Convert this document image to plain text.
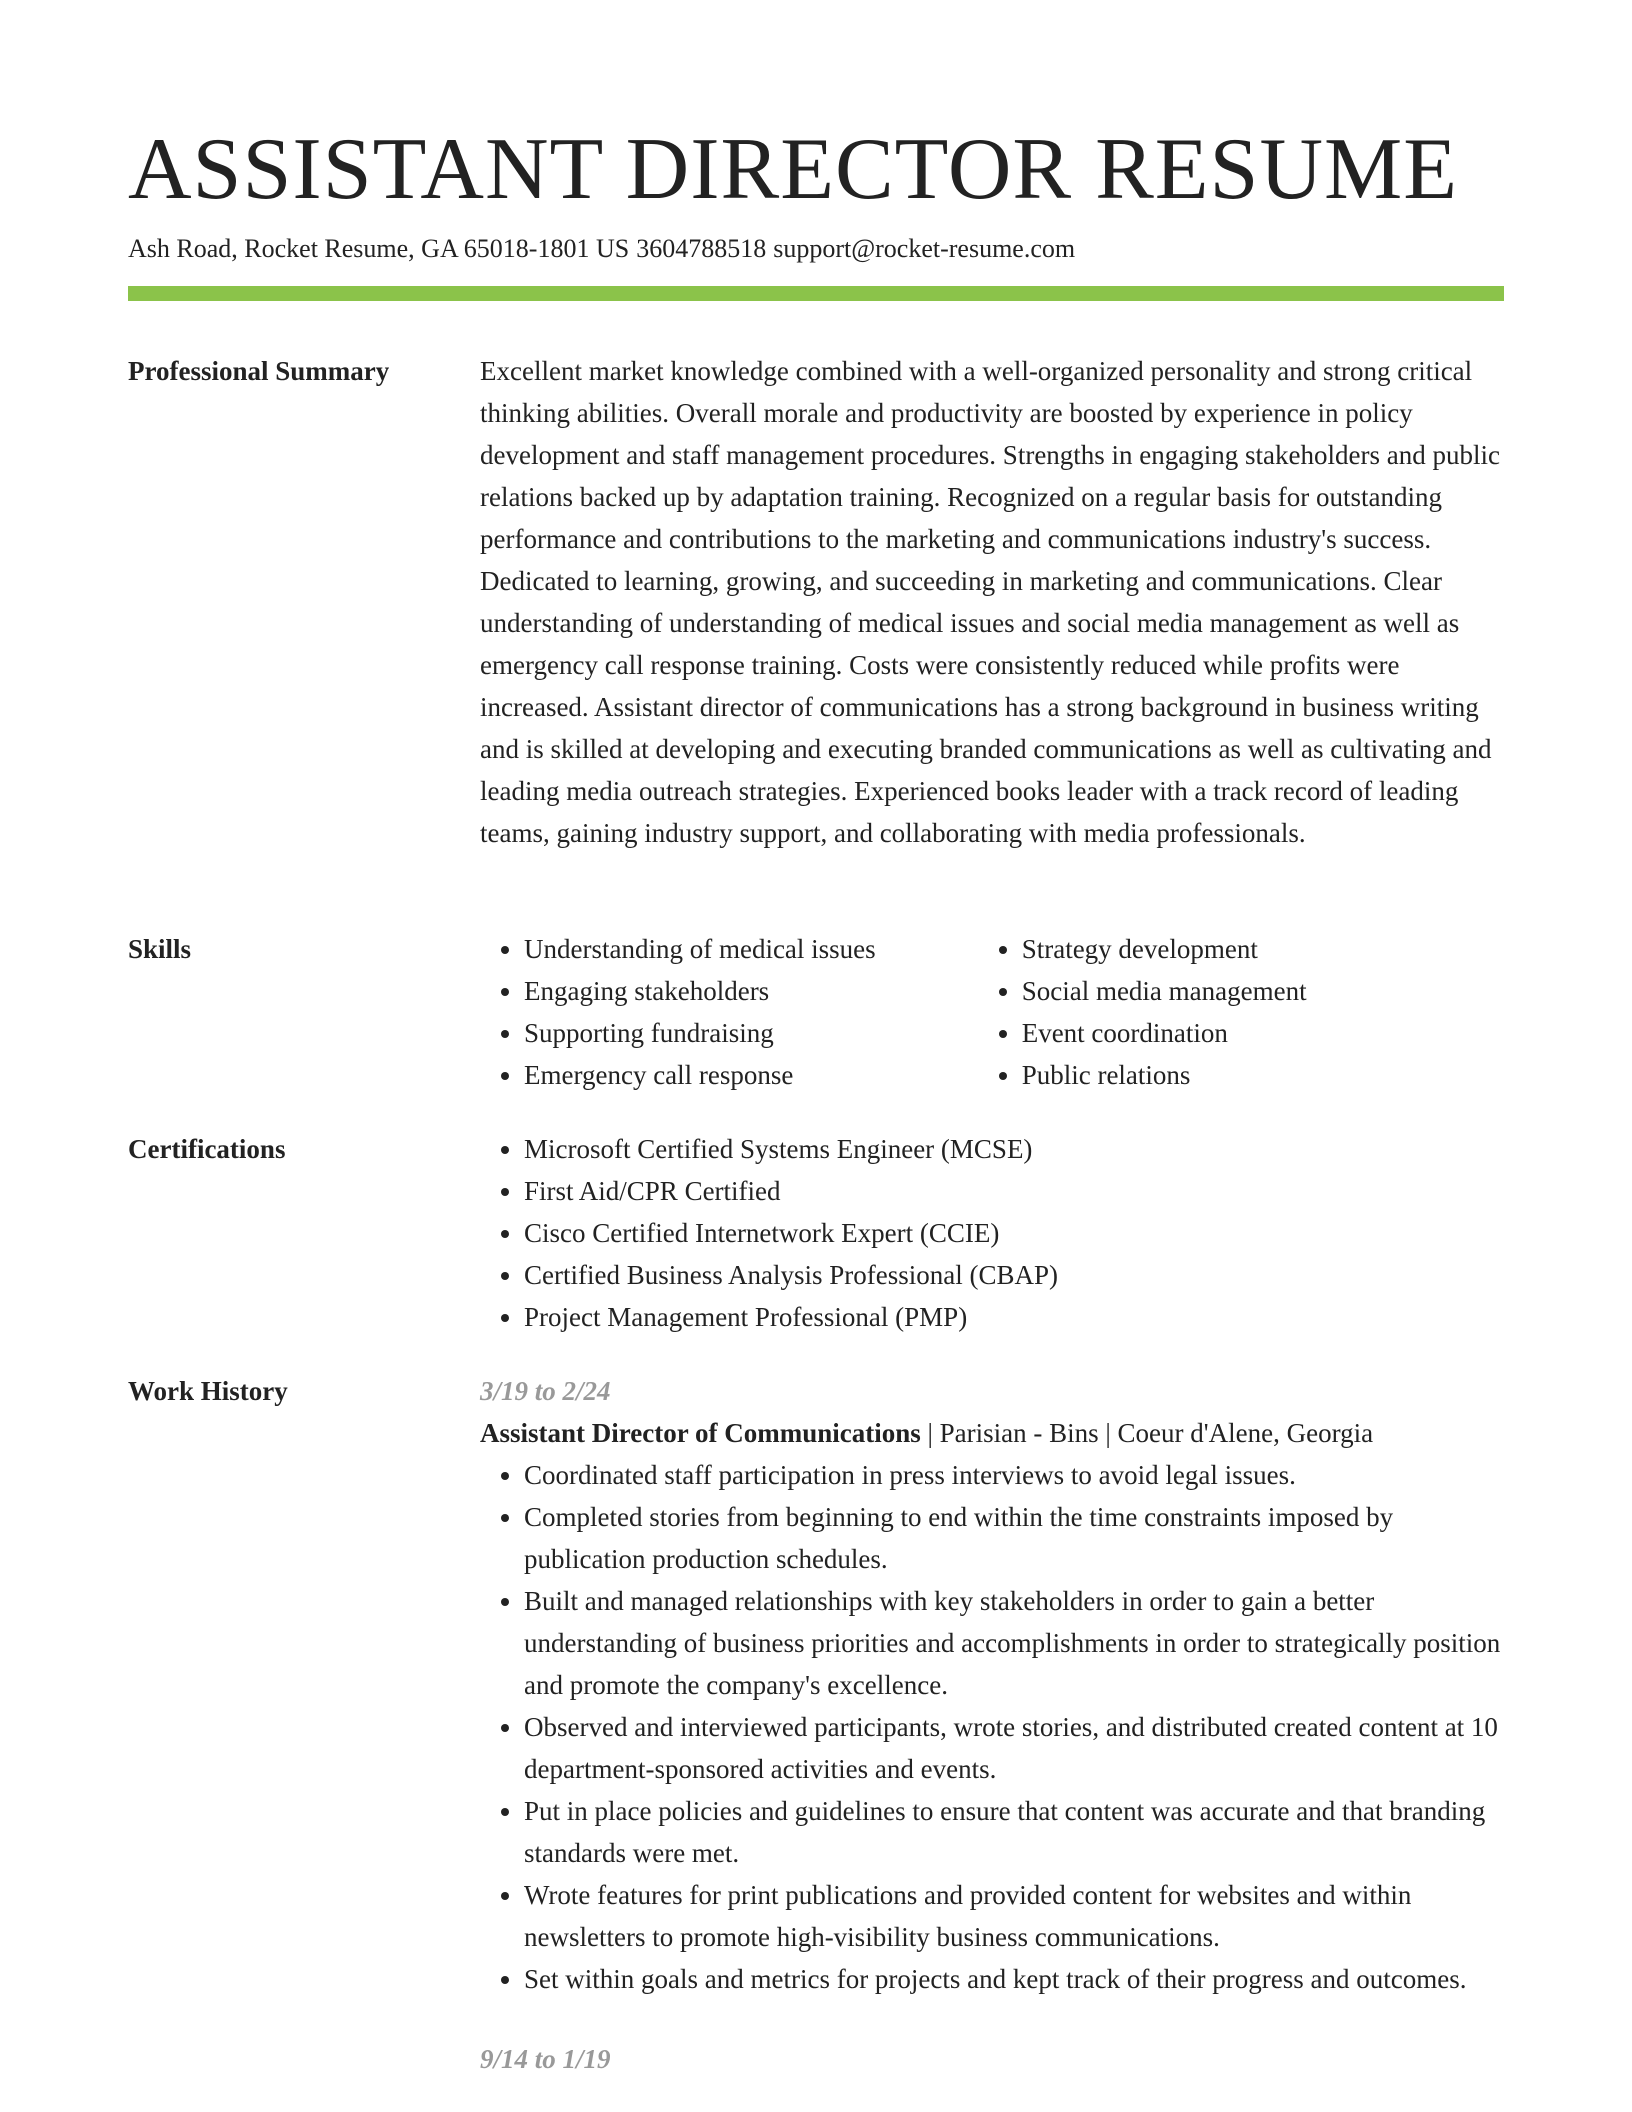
ASSISTANT DIRECTOR RESUME
Ash Road, Rocket Resume, GA 65018-1801 US 3604788518 support@rocket-resume.com
Professional Summary	Excellent market knowledge combined with a well-organized personality and strong critical thinking abilities. Overall morale and productivity are boosted by experience in policy development and staff management procedures. Strengths in engaging stakeholders and public relations backed up by adaptation training. Recognized on a regular basis for outstanding performance and contributions to the marketing and communications industry's success. Dedicated to learning, growing, and succeeding in marketing and communications. Clear understanding of understanding of medical issues and social media management as well as emergency call response training. Costs were consistently reduced while profits were increased. Assistant director of communications has a strong background in business writing and is skilled at developing and executing branded communications as well as cultivating and leading media outreach strategies. Experienced books leader with a track record of leading teams, gaining industry support, and collaborating with media professionals.

Skills	• Understanding of medical issues
• Engaging stakeholders
• Supporting fundraising
• Emergency call response
• Strategy development
• Social media management
• Event coordination
• Public relations
Certifications	• Microsoft Certified Systems Engineer (MCSE)
• First Aid/CPR Certified
• Cisco Certified Internetwork Expert (CCIE)
• Certified Business Analysis Professional (CBAP)
• Project Management Professional (PMP)
Work History	3/19 to 2/24
Assistant Director of Communications | Parisian - Bins | Coeur d'Alene, Georgia
• Coordinated staff participation in press interviews to avoid legal issues.
• Completed stories from beginning to end within the time constraints imposed by publication production schedules.
• Built and managed relationships with key stakeholders in order to gain a better understanding of business priorities and accomplishments in order to strategically position and promote the company's excellence.
• Observed and interviewed participants, wrote stories, and distributed created content at 10 department-sponsored activities and events.
• Put in place policies and guidelines to ensure that content was accurate and that branding standards were met.
• Wrote features for print publications and provided content for websites and within newsletters to promote high-visibility business communications.
• Set within goals and metrics for projects and kept track of their progress and outcomes.
9/14 to 1/19
